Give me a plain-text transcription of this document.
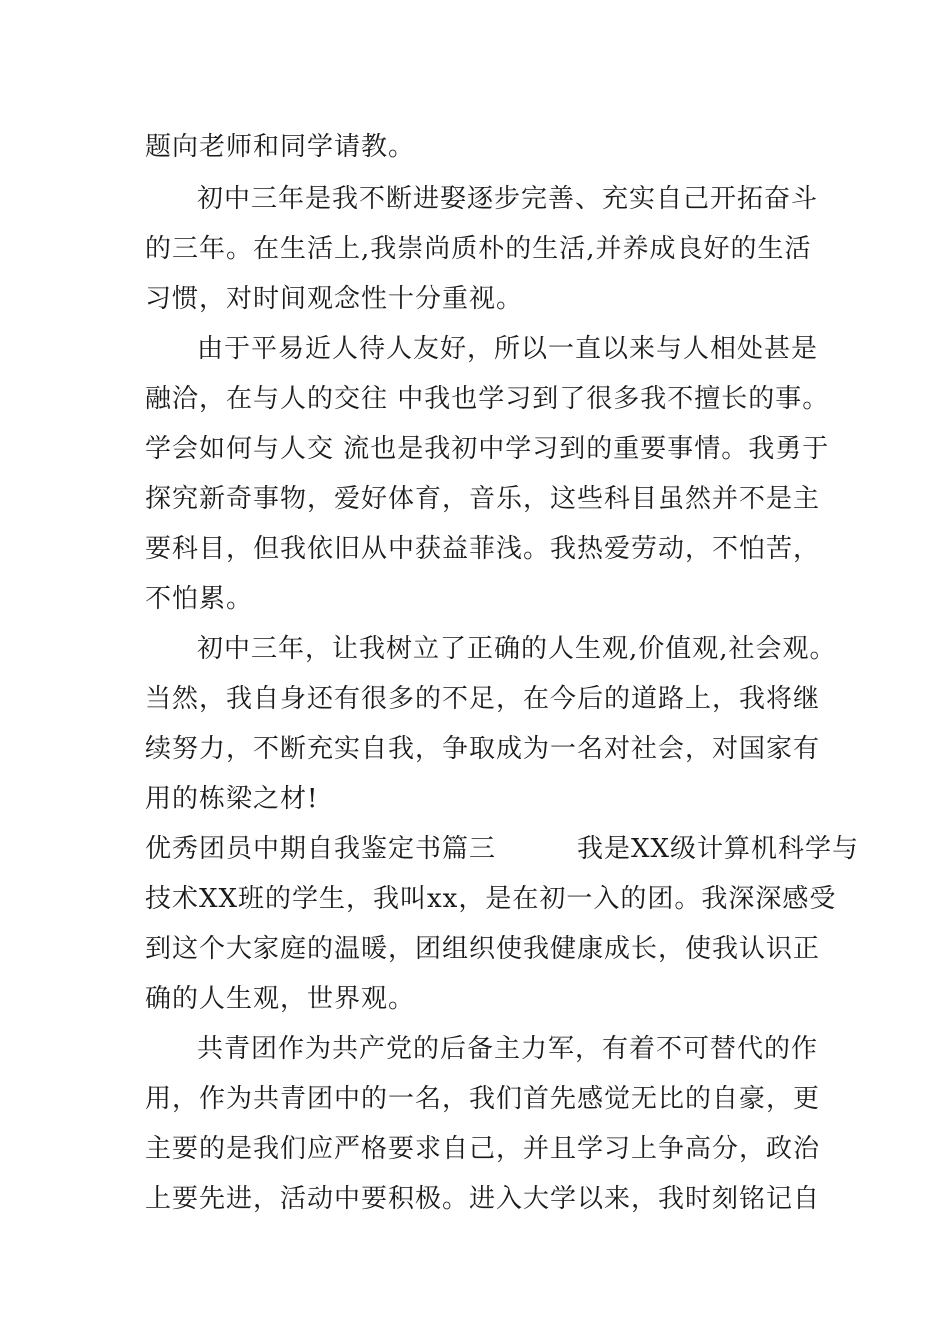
题向老师和同学请教。
初中三年是我不断进娶逐步完善、充实自己开拓奋斗
的三年。在生活上,我崇尚质朴的生活,并养成良好的生活
习惯，对时间观念性十分重视。
由于平易近人待人友好，所以一直以来与人相处甚是
融洽，在与人的交往 中我也学习到了很多我不擅长的事。
学会如何与人交 流也是我初中学习到的重要事情。我勇于
探究新奇事物，爱好体育，音乐，这些科目虽然并不是主
要科目，但我依旧从中获益菲浅。我热爱劳动，不怕苦，
不怕累。
初中三年，让我树立了正确的人生观,价值观,社会观。
当然，我自身还有很多的不足，在今后的道路上，我将继
续努力，不断充实自我，争取成为一名对社会，对国家有
用的栋梁之材!
优秀团员中期自我鉴定书篇三　　　我是XX级计算机科学与
技术XX班的学生，我叫xx，是在初一入的团。我深深感受
到这个大家庭的温暖，团组织使我健康成长，使我认识正
确的人生观，世界观。
共青团作为共产党的后备主力军，有着不可替代的作
用，作为共青团中的一名，我们首先感觉无比的自豪，更
主要的是我们应严格要求自己，并且学习上争高分，政治
上要先进，活动中要积极。进入大学以来，我时刻铭记自
